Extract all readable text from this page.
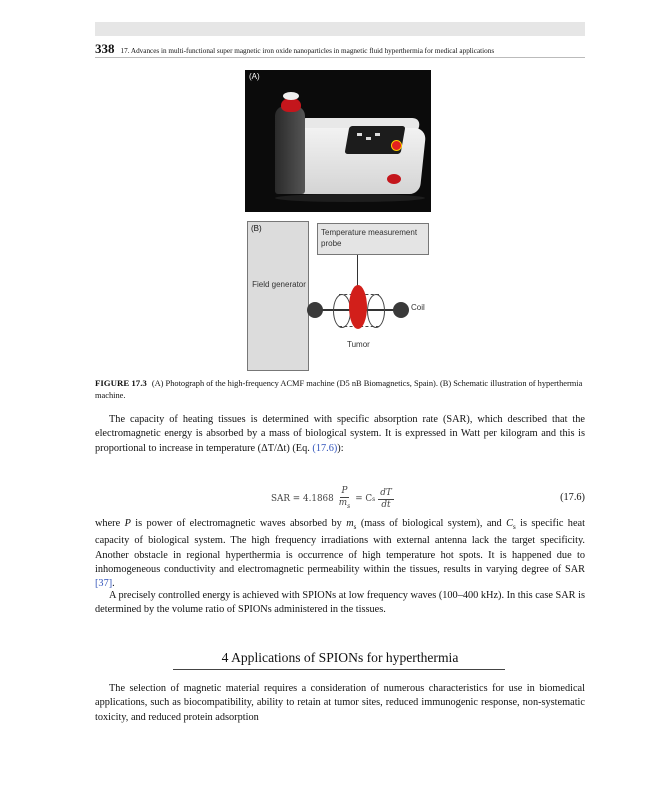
338 17. Advances in multi-functional super magnetic iron oxide nanoparticles in magnetic fluid hyperthermia for medical applications
(A)
(B)
Field generator
Temperature measurement probe
Coil
Tumor
FIGURE 17.3 (A) Photograph of the high-frequency ACMF machine (D5 nB Biomagnetics, Spain). (B) Schematic illustration of hyperthermia machine.
The capacity of heating tissues is determined with specific absorption rate (SAR), which described that the electromagnetic energy is absorbed by a mass of biological system. It is expressed in Watt per kilogram and this is proportional to increase in temperature (ΔT/Δt) (Eq. (17.6)):
SAR = $4.1868 \frac{P}{m_s} = C$ s $\frac{dT}{dt}$	(17.6)
where P is power of electromagnetic waves absorbed by $m_s$ (mass of biological system), and $C_s$ is specific heat capacity of biological system. The high frequency irradiations with external antenna lack the target specificity. Another obstacle in regional hyperthermia is occurrence of high temperature hot spots. It is happened due to inhomogeneous conductivity and electromagnetic permeability within the tissues, results in varying degree of SAR [37].
A precisely controlled energy is achieved with SPIONs at low frequency waves (100–400 kHz). In this case SAR is determined by the volume ratio of SPIONs administered in the tissues.
4 Applications of SPIONs for hyperthermia
The selection of magnetic material requires a consideration of numerous characteristics for use in biomedical applications, such as biocompatibility, ability to retain at tumor sites, reduced immunogenic response, non-systematic toxicity, and reduced protein adsorption
